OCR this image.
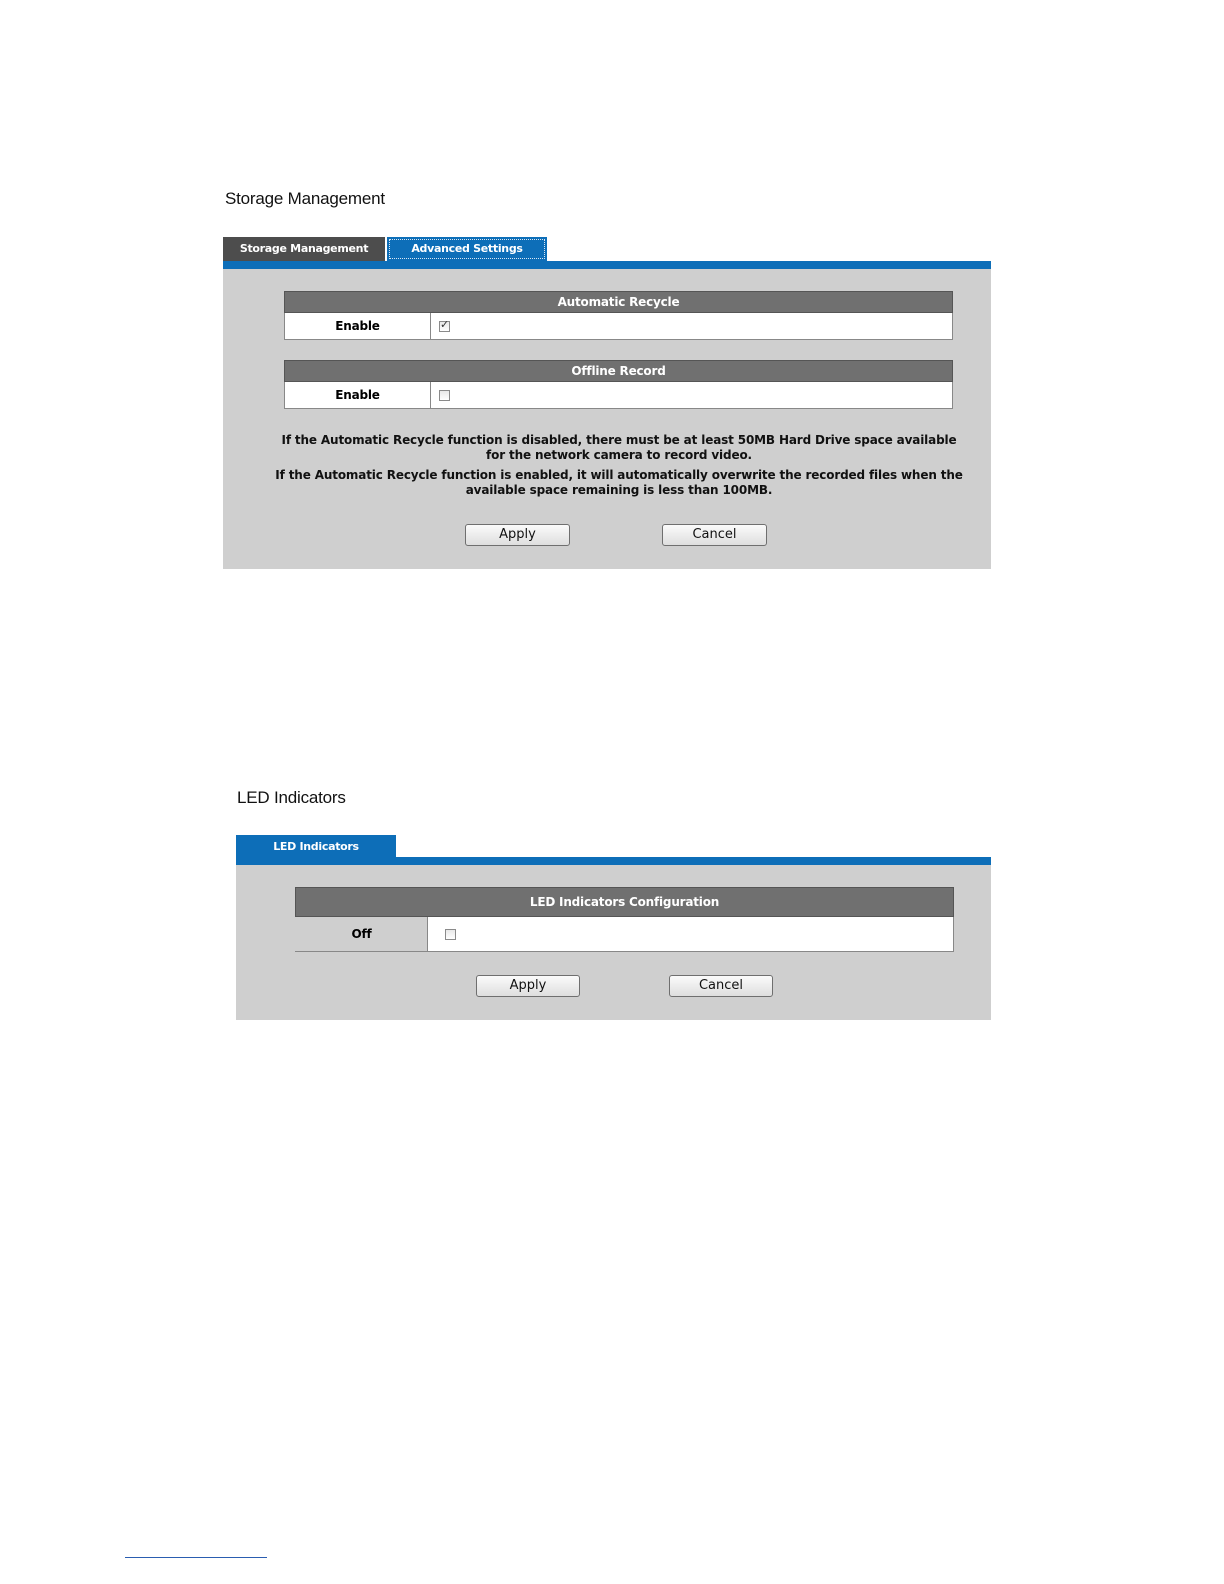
Storage Management
Storage Management	Advanced Settings
Automatic Recycle
Enable	✓
Offline Record
Enable	
If the Automatic Recycle function is disabled, there must be at least 50MB Hard Drive space available for the network camera to record video.
If the Automatic Recycle function is enabled, it will automatically overwrite the recorded files when the available space remaining is less than 100MB.
Apply	Cancel
LED Indicators
LED Indicators
LED Indicators Configuration
Off	
Apply	Cancel
